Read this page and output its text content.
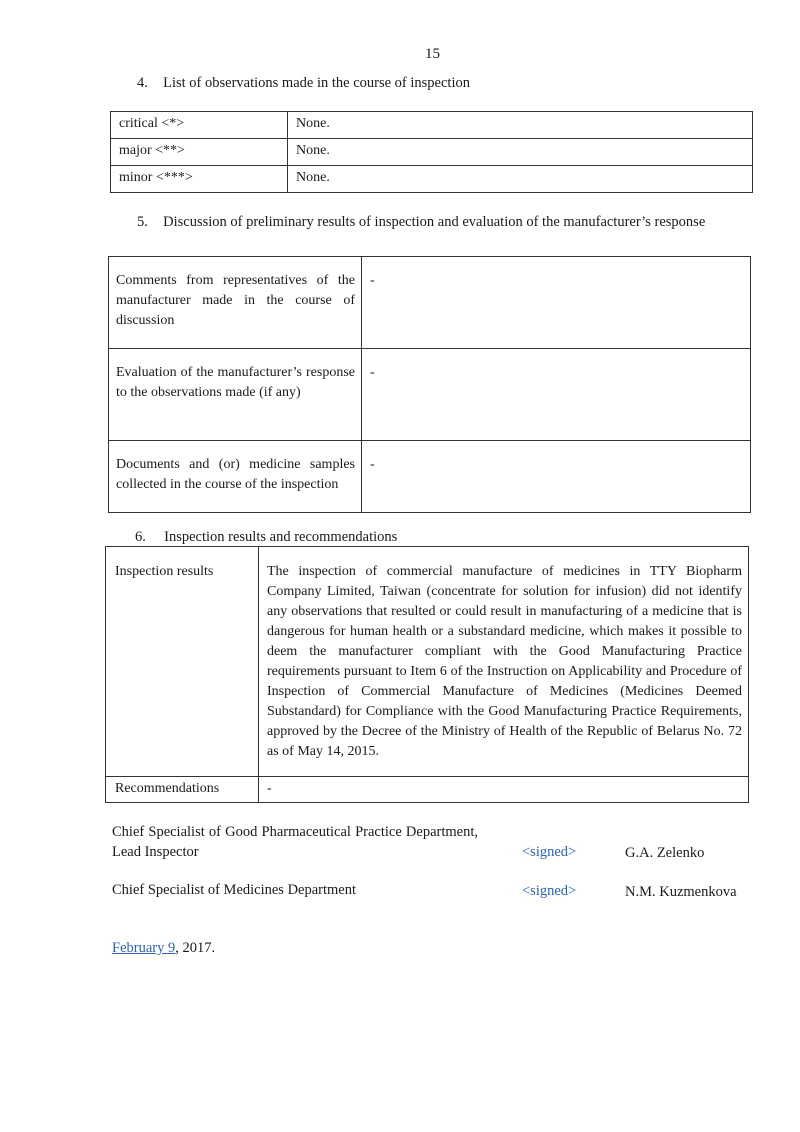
15
4. List of observations made in the course of inspection
critical <*>	None.
major <**>	None.
minor <***>	None.
5. Discussion of preliminary results of inspection and evaluation of the manufacturer’s response
Comments from representatives of the manufacturer made in the course of discussion	-
Evaluation of the manufacturer’s response to the observations made (if any)	-
Documents and (or) medicine samples collected in the course of the inspection	-
6. Inspection results and recommendations
Inspection results	The inspection of commercial manufacture of medicines in TTY Biopharm Company Limited, Taiwan (concentrate for solution for infusion) did not identify any observations that resulted or could result in manufacturing of a medicine that is dangerous for human health or a substandard medicine, which makes it possible to deem the manufacturer compliant with the Good Manufacturing Practice requirements pursuant to Item 6 of the Instruction on Applicability and Procedure of Inspection of Commercial Manufacture of Medicines (Medicines Deemed Substandard) for Compliance with the Good Manufacturing Practice Requirements, approved by the Decree of the Ministry of Health of the Republic of Belarus No. 72 as of May 14, 2015.
Recommendations	-
Chief Specialist of Good Pharmaceutical Practice Department, Lead Inspector	<signed>	G.A. Zelenko
Chief Specialist of Medicines Department	<signed>	N.M. Kuzmenkova
February 9, 2017.
